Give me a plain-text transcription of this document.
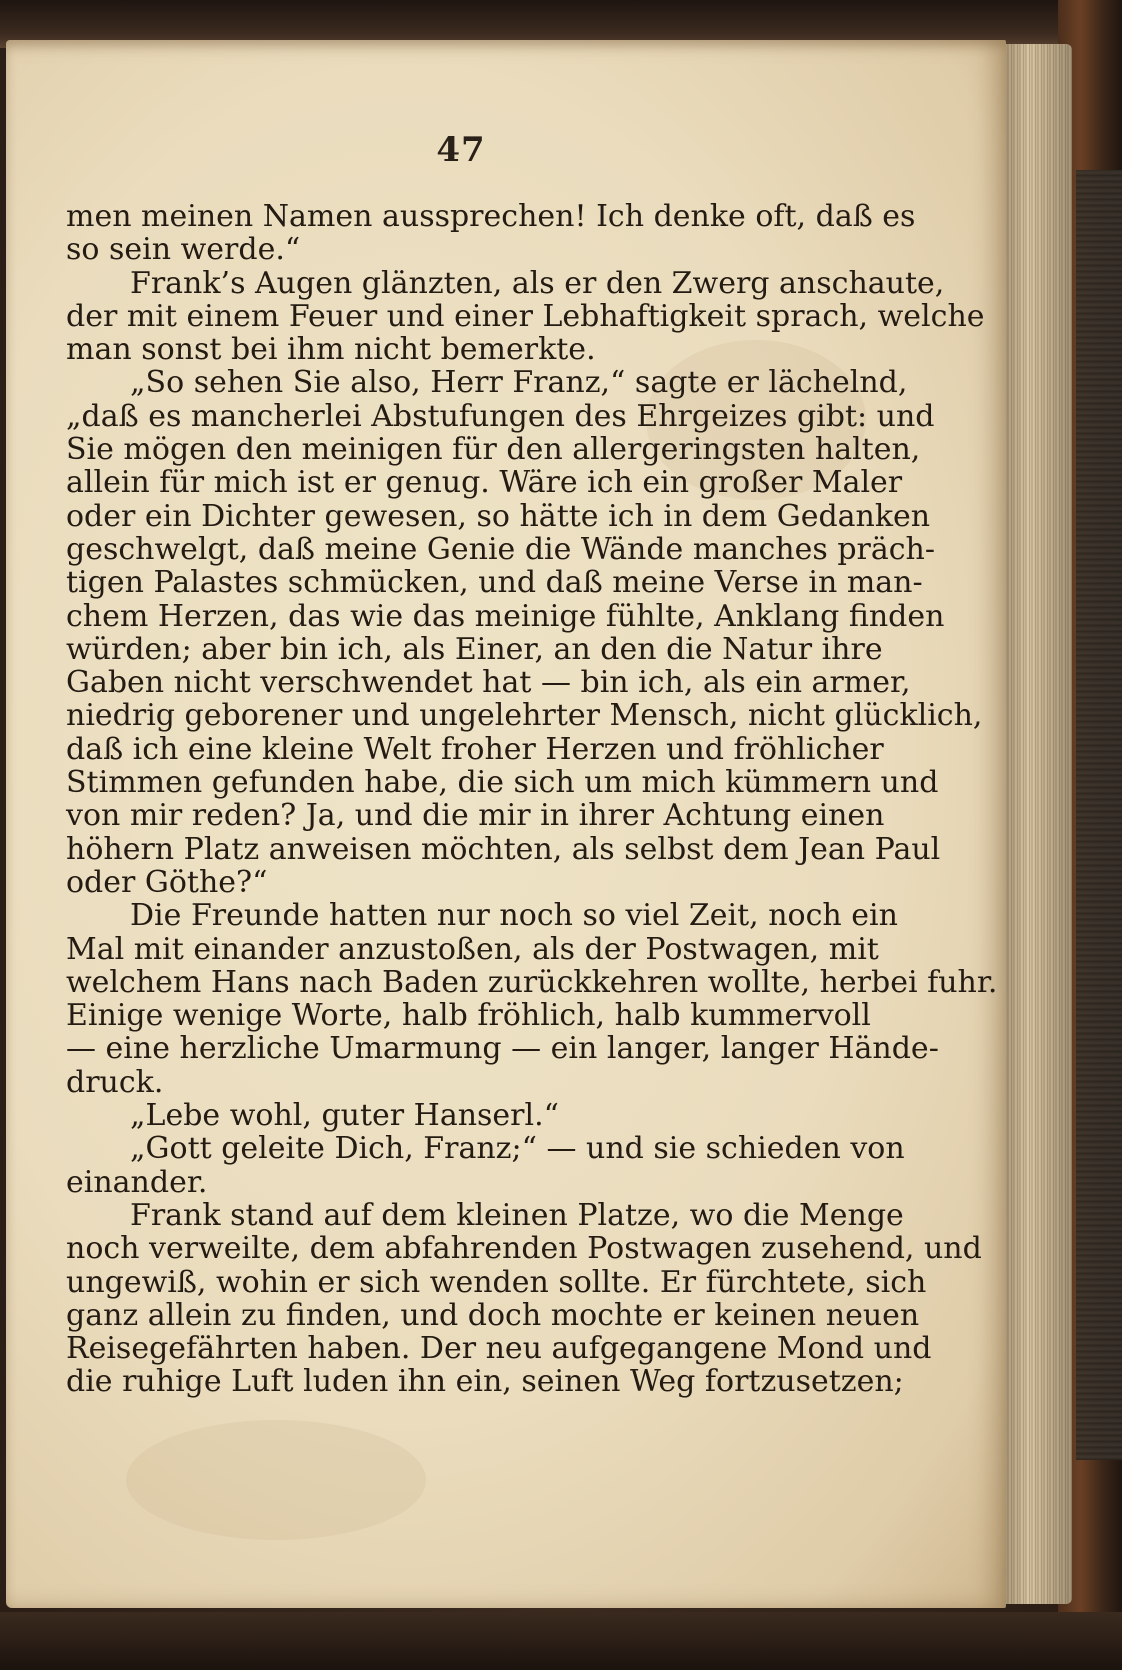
47
men meinen Namen aussprechen! Ich denke oft, daß es
so sein werde.“
Frank’s Augen glänzten, als er den Zwerg anschaute,
der mit einem Feuer und einer Lebhaftigkeit sprach, welche
man sonst bei ihm nicht bemerkte.
„So sehen Sie also, Herr Franz,“ sagte er lächelnd,
„daß es mancherlei Abstufungen des Ehrgeizes gibt: und
Sie mögen den meinigen für den allergeringsten halten,
allein für mich ist er genug. Wäre ich ein großer Maler
oder ein Dichter gewesen, so hätte ich in dem Gedanken
geschwelgt, daß meine Genie die Wände manches präch-
tigen Palastes schmücken, und daß meine Verse in man-
chem Herzen, das wie das meinige fühlte, Anklang finden
würden; aber bin ich, als Einer, an den die Natur ihre
Gaben nicht verschwendet hat — bin ich, als ein armer,
niedrig geborener und ungelehrter Mensch, nicht glücklich,
daß ich eine kleine Welt froher Herzen und fröhlicher
Stimmen gefunden habe, die sich um mich kümmern und
von mir reden? Ja, und die mir in ihrer Achtung einen
höhern Platz anweisen möchten, als selbst dem Jean Paul
oder Göthe?“
Die Freunde hatten nur noch so viel Zeit, noch ein
Mal mit einander anzustoßen, als der Postwagen, mit
welchem Hans nach Baden zurückkehren wollte, herbei fuhr.
Einige wenige Worte, halb fröhlich, halb kummervoll
— eine herzliche Umarmung — ein langer, langer Hände-
druck.
„Lebe wohl, guter Hanserl.“
„Gott geleite Dich, Franz;“ — und sie schieden von
einander.
Frank stand auf dem kleinen Platze, wo die Menge
noch verweilte, dem abfahrenden Postwagen zusehend, und
ungewiß, wohin er sich wenden sollte. Er fürchtete, sich
ganz allein zu finden, und doch mochte er keinen neuen
Reisegefährten haben. Der neu aufgegangene Mond und
die ruhige Luft luden ihn ein, seinen Weg fortzusetzen;
